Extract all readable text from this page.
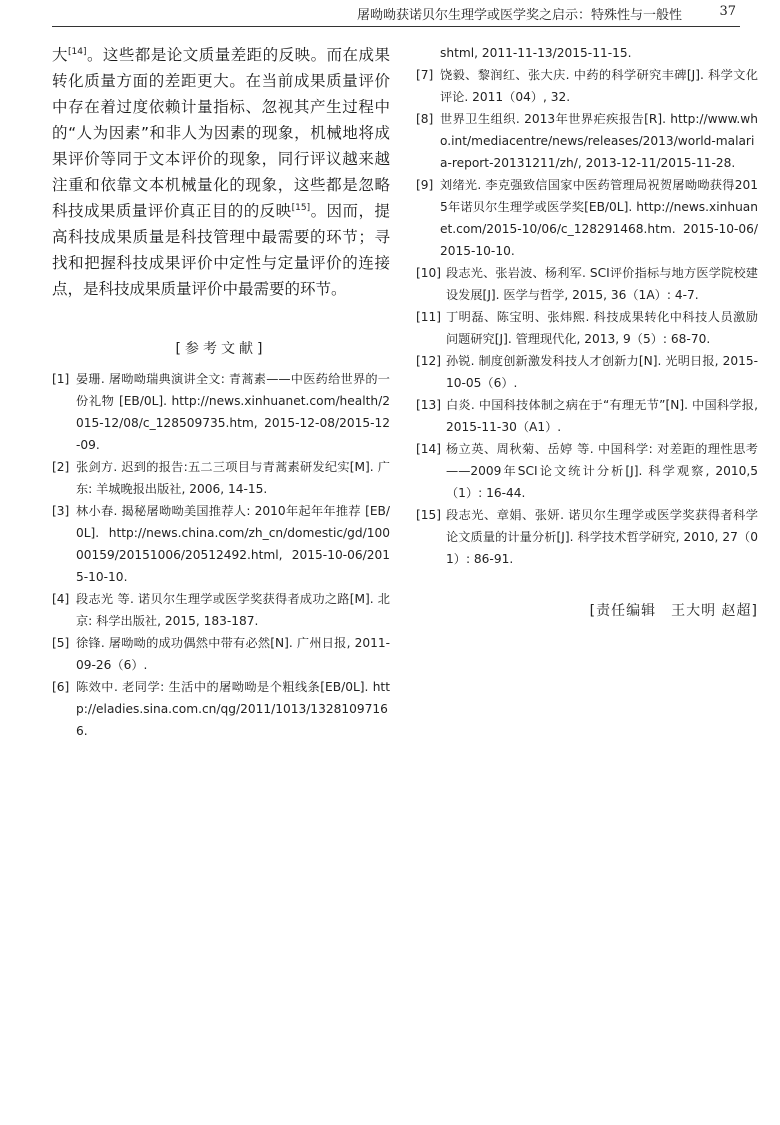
屠呦呦获诺贝尔生理学或医学奖之启示：特殊性与一般性	37

大[14]。这些都是论文质量差距的反映。而在成果转化质量方面的差距更大。在当前成果质量评价中存在着过度依赖计量指标、忽视其产生过程中的“人为因素”和非人为因素的现象，机械地将成果评价等同于文本评价的现象，同行评议越来越注重和依靠文本机械量化的现象，这些都是忽略科技成果质量评价真正目的的反映[15]。因而，提高科技成果质量是科技管理中最需要的环节；寻找和把握科技成果评价中定性与定量评价的连接点，是科技成果质量评价中最需要的环节。

[参考文献]
[1] 晏珊. 屠呦呦瑞典演讲全文: 青蒿素——中医药给世界的一份礼物 [EB/0L]. http://news.xinhuanet.com/health/2015-12/08/c_128509735.htm, 2015-12-08/2015-12-09.
[2] 张剑方. 迟到的报告:五二三项目与青蒿素研发纪实[M]. 广东: 羊城晚报出版社, 2006, 14-15.
[3] 林小春. 揭秘屠呦呦美国推荐人: 2010年起年年推荐 [EB/0L]. http://news.china.com/zh_cn/domestic/gd/10000159/20151006/20512492.html, 2015-10-06/2015-10-10.
[4] 段志光 等. 诺贝尔生理学或医学奖获得者成功之路[M]. 北京: 科学出版社, 2015, 183-187.
[5] 徐锋. 屠呦呦的成功偶然中带有必然[N]. 广州日报, 2011-09-26（6）.
[6] 陈效中. 老同学: 生活中的屠呦呦是个粗线条[EB/0L]. http://eladies.sina.com.cn/qg/2011/1013/13281097166.
shtml, 2011-11-13/2015-11-15.
[7] 饶毅、黎润红、张大庆. 中药的科学研究丰碑[J]. 科学文化评论. 2011（04）, 32.
[8] 世界卫生组织. 2013年世界疟疾报告[R]. http://www.who.int/mediacentre/news/releases/2013/world-malaria-report-20131211/zh/, 2013-12-11/2015-11-28.
[9] 刘绪光. 李克强致信国家中医药管理局祝贺屠呦呦获得2015年诺贝尔生理学或医学奖[EB/0L]. http://news.xinhuanet.com/2015-10/06/c_128291468.htm. 2015-10-06/2015-10-10.
[10] 段志光、张岩波、杨利军. SCI评价指标与地方医学院校建设发展[J]. 医学与哲学, 2015, 36（1A）: 4-7.
[11] 丁明磊、陈宝明、张炜熙. 科技成果转化中科技人员激励问题研究[J]. 管理现代化, 2013, 9（5）: 68-70.
[12] 孙锐. 制度创新激发科技人才创新力[N]. 光明日报, 2015-10-05（6）.
[13] 白炎. 中国科技体制之病在于“有理无节”[N]. 中国科学报, 2015-11-30（A1）.
[14] 杨立英、周秋菊、岳婷 等. 中国科学: 对差距的理性思考——2009年SCI论文统计分析[J]. 科学观察, 2010,5（1）: 16-44.
[15] 段志光、章娟、张妍. 诺贝尔生理学或医学奖获得者科学论文质量的计量分析[J]. 科学技术哲学研究, 2010, 27（01）: 86-91.
[责任编辑　王大明 赵超]
